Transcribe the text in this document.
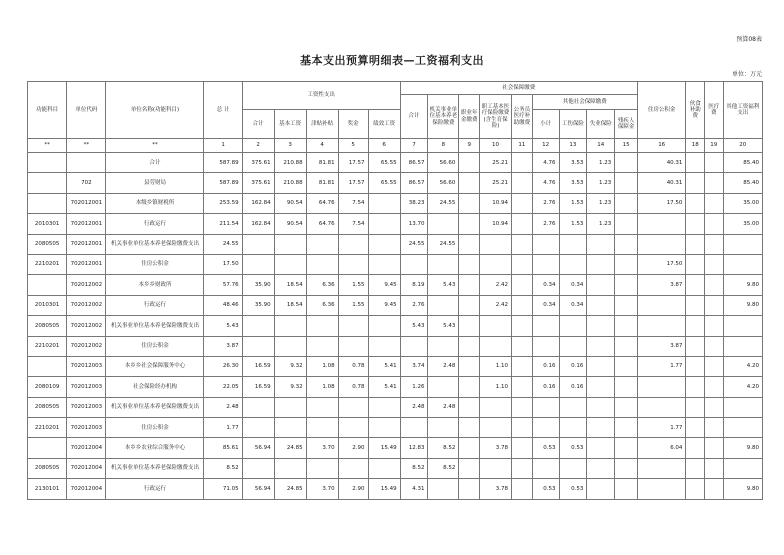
预算08表
基本支出预算明细表—工资福利支出
单位：万元
功能科目	单位代码	单位名称(功能科目)	总 计	工资性支出					社会保障缴费									住房公积金	伙食补助费	医疗费	其他工资福利支出
									合计	机关事业单位基本养老保险缴费	职业年金缴费	职工基本医疗保险缴费(含生育保险)	公务员医疗补助缴费	其他社会保障缴费							
				合计	基本工资	津贴补贴	奖金	绩效工资						小计	工伤保险	失业保险	残疾人保障金				
**	**	**	1	2	3	4	5	6	7	8	9	10	11	12	13	14	15	16	18	19	20
		合计	587.89	375.61	210.88	81.81	17.57	65.55	86.57	56.60		25.21		4.76	3.53	1.23		40.31			85.40
	702	县劳财局	587.89	375.61	210.88	81.81	17.57	65.55	86.57	56.60		25.21		4.76	3.53	1.23		40.31			85.40
	702012001	本级乡镇财税所	253.59	162.84	90.54	64.76	7.54		38.23	24.55		10.94		2.76	1.53	1.23		17.50			35.00
2010301	702012001	行政运行	211.54	162.84	90.54	64.76	7.54		13.70			10.94		2.76	1.53	1.23					35.00
2080505	702012001	机关事业单位基本养老保险缴费支出	24.55						24.55	24.55											
2210201	702012001	住房公积金	17.50															17.50			
	702012002	本乡乡财政所	57.76	35.90	18.54	6.36	1.55	9.45	8.19	5.43		2.42		0.34	0.34			3.87			9.80
2010301	702012002	行政运行	48.46	35.90	18.54	6.36	1.55	9.45	2.76			2.42		0.34	0.34						9.80
2080505	702012002	机关事业单位基本养老保险缴费支出	5.43						5.43	5.43											
2210201	702012002	住房公积金	3.87															3.87			
	702012003	本乡乡社会保障服务中心	26.30	16.59	9.32	1.08	0.78	5.41	3.74	2.48		1.10		0.16	0.16			1.77			4.20
2080109	702012003	社会保险经办机构	22.05	16.59	9.32	1.08	0.78	5.41	1.26			1.10		0.16	0.16						4.20
2080505	702012003	机关事业单位基本养老保险缴费支出	2.48						2.48	2.48											
2210201	702012003	住房公积金	1.77															1.77			
	702012004	本乡乡农业综合服务中心	85.61	56.94	24.85	3.70	2.90	15.49	12.83	8.52		3.78		0.53	0.53			6.04			9.80
2080505	702012004	机关事业单位基本养老保险缴费支出	8.52						8.52	8.52											
2130101	702012004	行政运行	71.05	56.94	24.85	3.70	2.90	15.49	4.31			3.78		0.53	0.53						9.80
